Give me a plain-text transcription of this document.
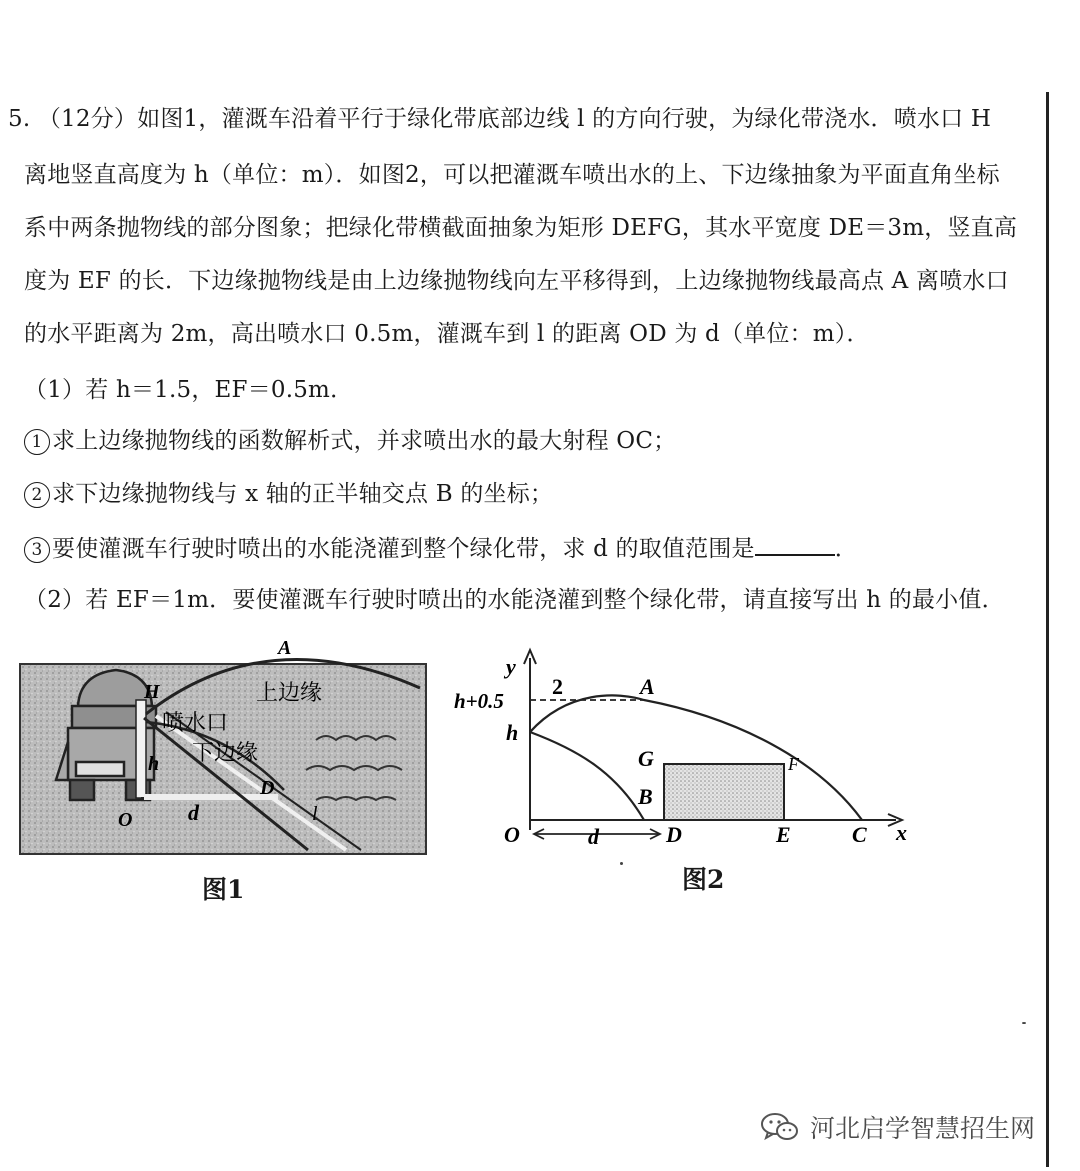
5. （12分）如图1，灌溉车沿着平行于绿化带底部边线 l 的方向行驶，为绿化带浇水．喷水口 H
离地竖直高度为 h（单位：m）．如图2，可以把灌溉车喷出水的上、下边缘抽象为平面直角坐标
系中两条抛物线的部分图象；把绿化带横截面抽象为矩形 DEFG，其水平宽度 DE＝3m，竖直高
度为 EF 的长．下边缘抛物线是由上边缘抛物线向左平移得到，上边缘抛物线最高点 A 离喷水口
的水平距离为 2m，高出喷水口 0.5m，灌溉车到 l 的距离 OD 为 d（单位：m）．
（1）若 h＝1.5，EF＝0.5m．
1 求上边缘抛物线的函数解析式，并求喷出水的最大射程 OC；
2 求下边缘抛物线与 x 轴的正半轴交点 B 的坐标；
3 要使灌溉车行驶时喷出的水能浇灌到整个绿化带，求 d 的取值范围是	．
（2）若 EF＝1m．要使灌溉车行驶时喷出的水能浇灌到整个绿化带，请直接写出 h 的最小值．
A
H	上边缘
喷水口
下边缘
h
D
O	d	l
图1
y
x
2	A
h+0.5
h
G	F
B
O	d	D	E	C
图2
河北启学智慧招生网
